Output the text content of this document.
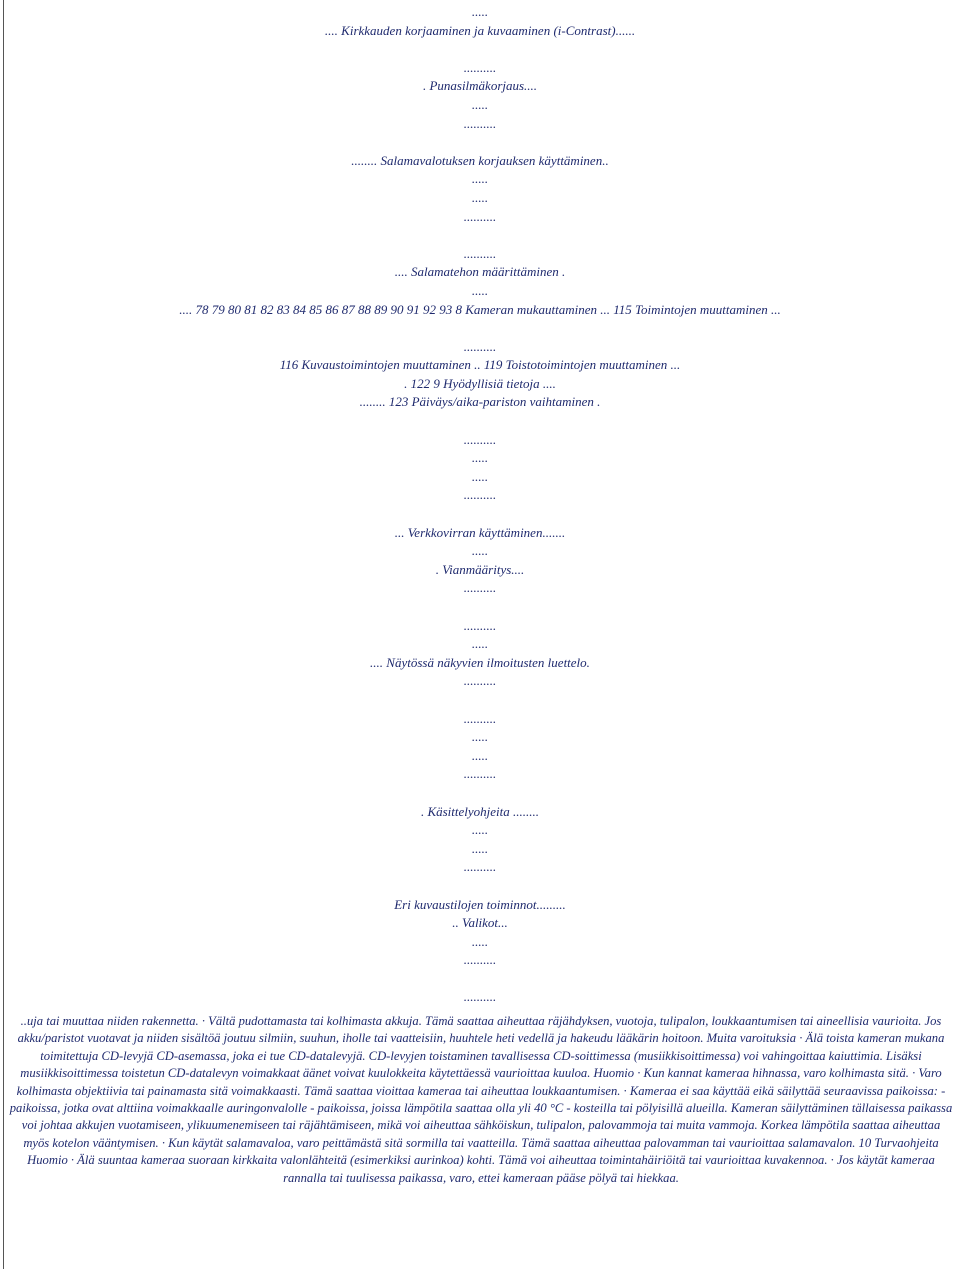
.....
.... Kirkkauden korjaaminen ja kuvaaminen (i-Contrast)......
..........
. Punasilmäkorjaus....
.....
..........
........ Salamavalotuksen korjauksen käyttäminen..
.....
.....
..........
..........
.... Salamatehon määrittäminen .
.....
.... 78 79 80 81 82 83 84 85 86 87 88 89 90 91 92 93 8 Kameran mukauttaminen ... 115 Toimintojen muuttaminen ...
..........
116 Kuvaustoimintojen muuttaminen .. 119 Toistotoimintojen muuttaminen ...
. 122 9 Hyödyllisiä tietoja ....
........ 123 Päiväys/aika-pariston vaihtaminen .
..........
.....
.....
..........
... Verkkovirran käyttäminen.......
.....
. Vianmääritys....
..........
..........
.....
.... Näytössä näkyvien ilmoitusten luettelo.
..........
..........
.....
.....
..........
. Käsittelyohjeita ........
.....
.....
..........
Eri kuvaustilojen toiminnot.........
.. Valikot...
.....
..........
..........
..uja tai muuttaa niiden rakennetta. · Vältä pudottamasta tai kolhimasta akkuja. Tämä saattaa aiheuttaa räjähdyksen, vuotoja, tulipalon, loukkaantumisen tai aineellisia vaurioita. Jos akku/paristot vuotavat ja niiden sisältöä joutuu silmiin, suuhun, iholle tai vaatteisiin, huuhtele heti vedellä ja hakeudu lääkärin hoitoon. Muita varoituksia · Älä toista kameran mukana toimitettuja CD-levyjä CD-asemassa, joka ei tue CD-datalevyjä. CD-levyjen toistaminen tavallisessa CD-soittimessa (musiikkisoittimessa) voi vahingoittaa kaiuttimia. Lisäksi musiikkisoittimessa toistetun CD-datalevyn voimakkaat äänet voivat kuulokkeita käytettäessä vaurioittaa kuuloa. Huomio · Kun kannat kameraa hihnassa, varo kolhimasta sitä. · Varo kolhimasta objektiivia tai painamasta sitä voimakkaasti. Tämä saattaa vioittaa kameraa tai aiheuttaa loukkaantumisen. · Kameraa ei saa käyttää eikä säilyttää seuraavissa paikoissa: - paikoissa, jotka ovat alttiina voimakkaalle auringonvalolle - paikoissa, joissa lämpötila saattaa olla yli 40 °C - kosteilla tai pölyisillä alueilla. Kameran säilyttäminen tällaisessa paikassa voi johtaa akkujen vuotamiseen, ylikuumenemiseen tai räjähtämiseen, mikä voi aiheuttaa sähköiskun, tulipalon, palovammoja tai muita vammoja. Korkea lämpötila saattaa aiheuttaa myös kotelon vääntymisen. · Kun käytät salamavaloa, varo peittämästä sitä sormilla tai vaatteilla. Tämä saattaa aiheuttaa palovamman tai vaurioittaa salamavalon. 10 Turvaohjeita Huomio · Älä suuntaa kameraa suoraan kirkkaita valonlähteitä (esimerkiksi aurinkoa) kohti. Tämä voi aiheuttaa toimintahäiriöitä tai vaurioittaa kuvakennoa. · Jos käytät kameraa rannalla tai tuulisessa paikassa, varo, ettei kameraan pääse pölyä tai hiekkaa.
